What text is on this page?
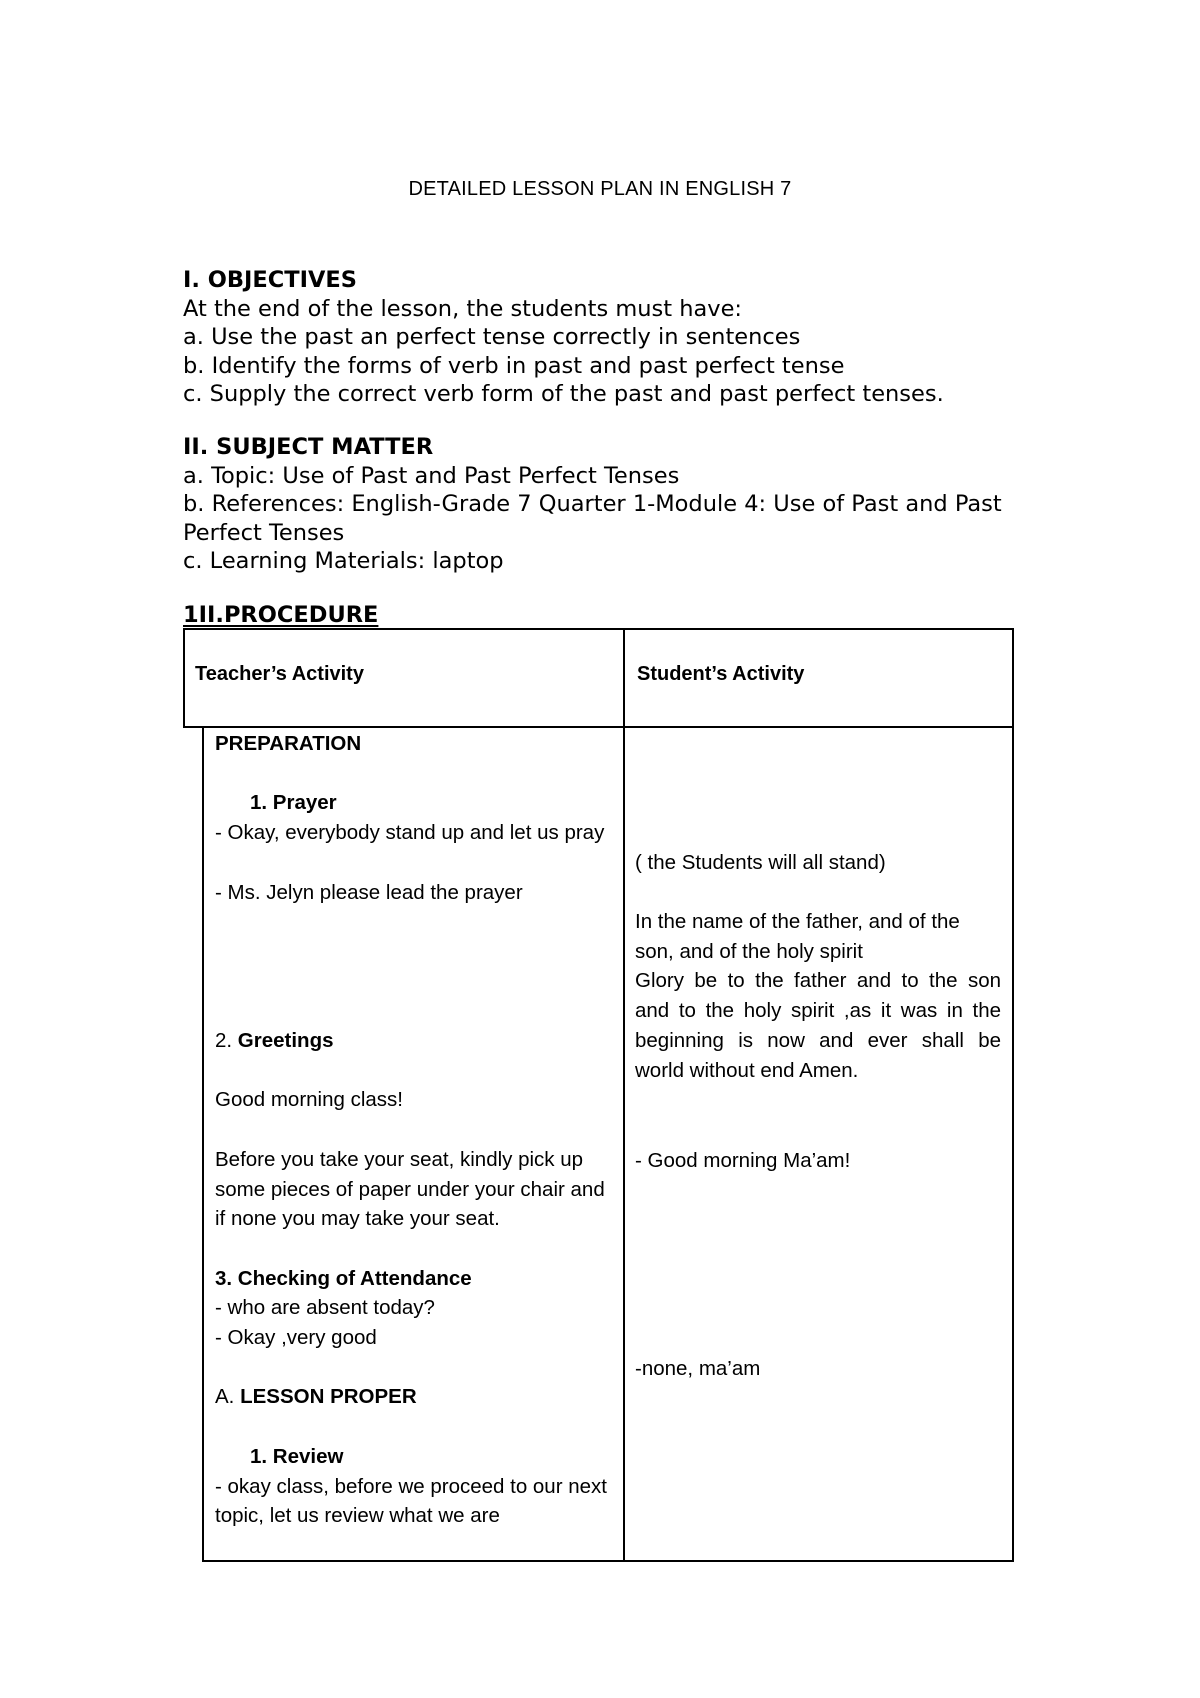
DETAILED LESSON PLAN IN ENGLISH 7
I. OBJECTIVES
At the end of the lesson, the students must have:
a. Use the past an perfect tense correctly in sentences
b. Identify the forms of verb in past and past perfect tense
c. Supply the correct verb form of the past and past perfect tenses.
II. SUBJECT MATTER
a. Topic: Use of Past and Past Perfect Tenses
b. References: English-Grade 7 Quarter 1-Module 4: Use of Past and Past Perfect Tenses
c. Learning Materials: laptop
1II.PROCEDURE
Teacher’s Activity	Student’s Activity

PREPARATION

1. Prayer

- Okay, everybody stand up and let us pray

- Ms. Jelyn please lead the prayer

2. Greetings

Good morning class!

Before you take your seat, kindly pick up some pieces of paper under your chair and if none you may take your seat.

3. Checking of Attendance

- who are absent today?

- Okay ,very good

A. LESSON PROPER

1. Review

- okay class, before we proceed to our next topic, let us review what we are

( the Students will all stand)

In the name of the father, and of the son, and of the holy spirit

Glory be to the father and to the son and to the holy spirit ,as it was in the beginning is now and ever shall be world without end Amen.

- Good morning Ma’am!
-none, ma’am
